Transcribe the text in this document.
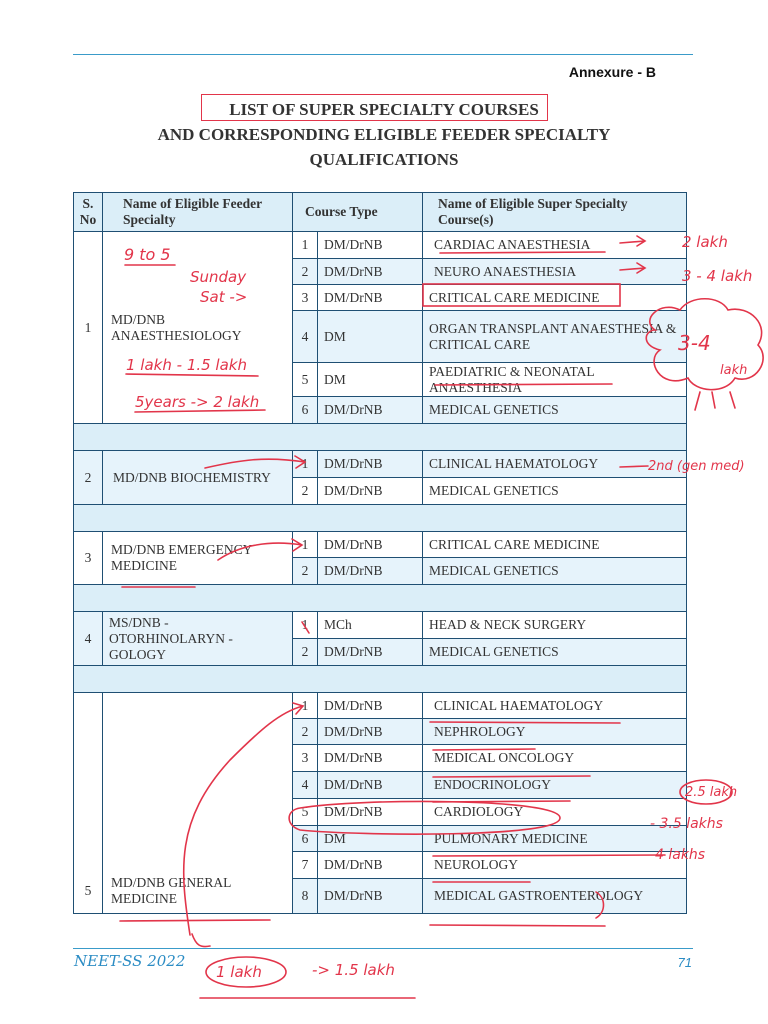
Annexure - B
LIST OF SUPER SPECIALTY COURSES
AND CORRESPONDING ELIGIBLE FEEDER SPECIALTY
QUALIFICATIONS
S. No	Name of Eligible Feeder Specialty	Course Type		Name of Eligible Super Specialty Course(s)
1	MD/DNB ANAESTHESIOLOGY	1	DM/DrNB	CARDIAC ANAESTHESIA
		2	DM/DrNB	NEURO ANAESTHESIA
		3	DM/DrNB	CRITICAL CARE MEDICINE
		4	DM	ORGAN TRANSPLANT ANAESTHESIA & CRITICAL CARE
		5	DM	PAEDIATRIC & NEONATAL ANAESTHESIA
		6	DM/DrNB	MEDICAL GENETICS

2	MD/DNB BIOCHEMISTRY	1	DM/DrNB	CLINICAL HAEMATOLOGY
		2	DM/DrNB	MEDICAL GENETICS

3	MD/DNB EMERGENCY MEDICINE	1	DM/DrNB	CRITICAL CARE MEDICINE
		2	DM/DrNB	MEDICAL GENETICS

4	MS/DNB - OTORHINOLARYN - GOLOGY	1	MCh	HEAD & NECK SURGERY
		2	DM/DrNB	MEDICAL GENETICS

5	MD/DNB GENERAL MEDICINE	1	DM/DrNB	CLINICAL HAEMATOLOGY
		2	DM/DrNB	NEPHROLOGY
		3	DM/DrNB	MEDICAL ONCOLOGY
		4	DM/DrNB	ENDOCRINOLOGY
		5	DM/DrNB	CARDIOLOGY
		6	DM	PULMONARY MEDICINE
		7	DM/DrNB	NEUROLOGY
		8	DM/DrNB	MEDICAL GASTROENTEROLOGY
9 to 5
Sunday
Sat ->
1 lakh - 1.5 lakh
5years -> 2 lakh
2 lakh
3 - 4 lakh
3-4
lakh
2nd (gen med)
2.5 lakh
- 3.5 lakhs
4 lakhs
1 lakh	-> 1.5 lakh
NEET-SS 2022	71
